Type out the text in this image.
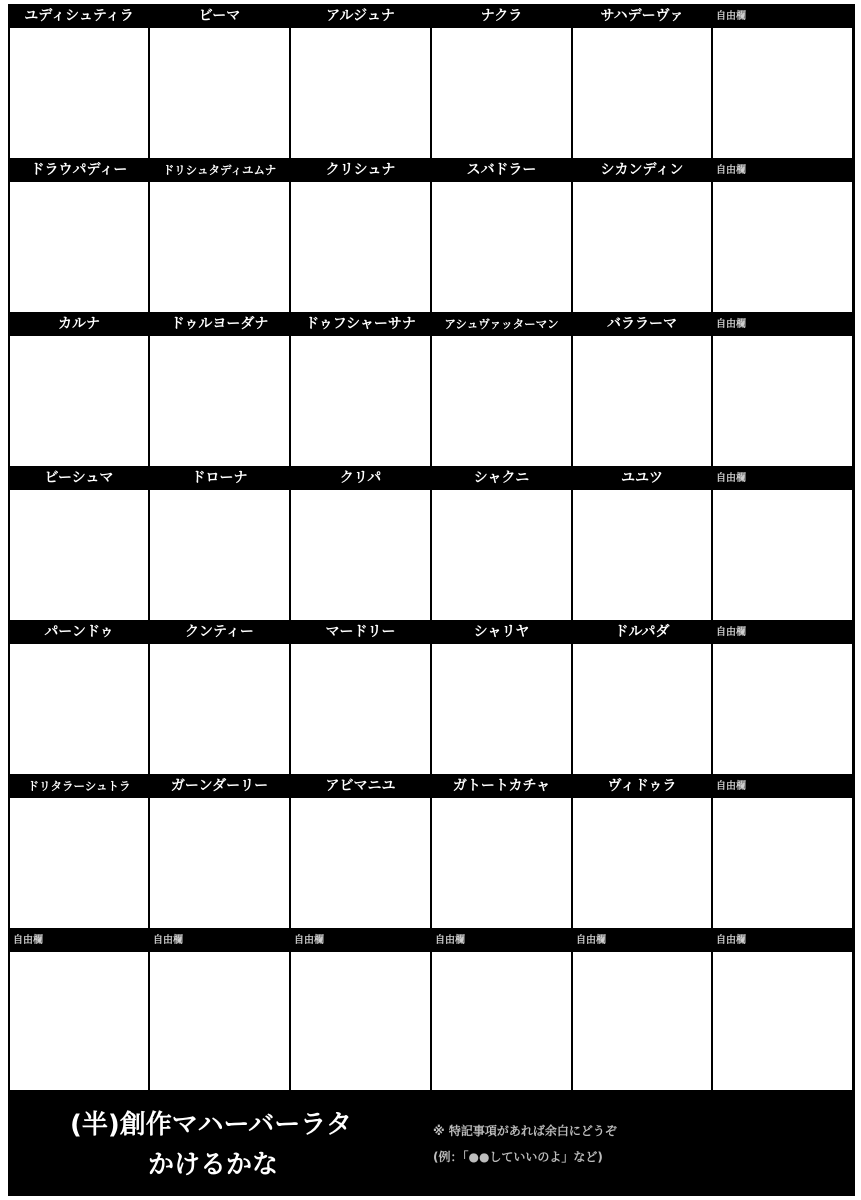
ユディシュティラ	ビーマ	アルジュナ	ナクラ	サハデーヴァ	自由欄
ドラウパディー	ドリシュタディユムナ	クリシュナ	スバドラー	シカンディン	自由欄
カルナ	ドゥルヨーダナ	ドゥフシャーサナ	アシュヴァッターマン	バララーマ	自由欄
ビーシュマ	ドローナ	クリパ	シャクニ	ユユツ	自由欄
パーンドゥ	クンティー	マードリー	シャリヤ	ドルパダ	自由欄
ドリタラーシュトラ	ガーンダーリー	アビマニユ	ガトートカチャ	ヴィドゥラ	自由欄
自由欄	自由欄	自由欄	自由欄	自由欄	自由欄
(半)創作マハーバーラタ
かけるかな
※ 特記事項があれば余白にどうぞ
(例：「●●していいのよ」など)
